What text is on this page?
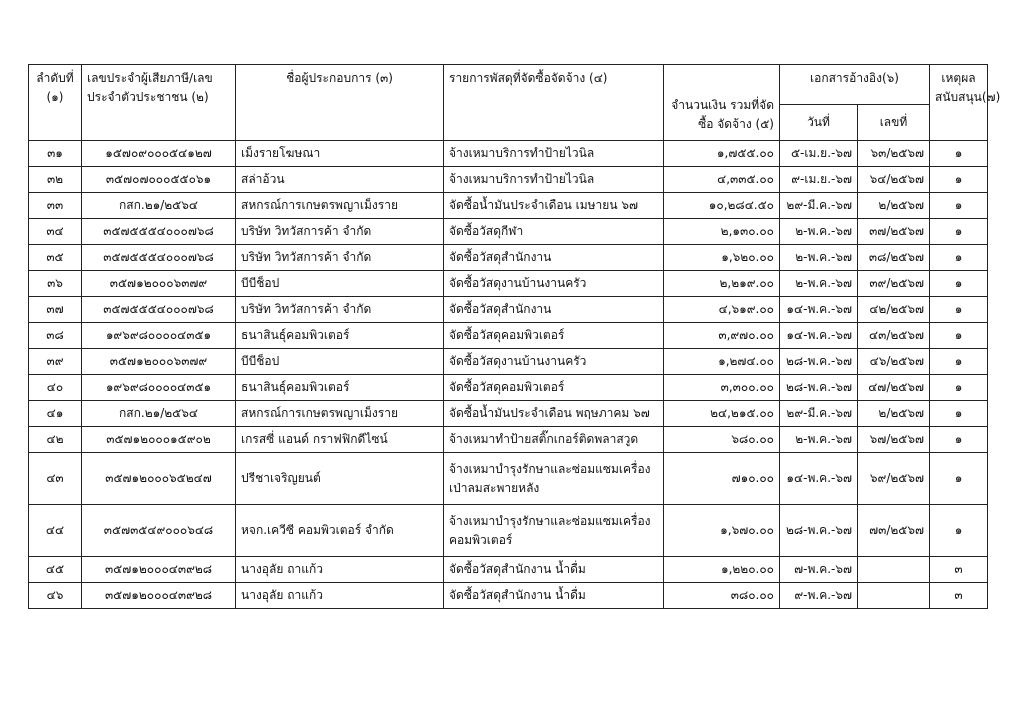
ลำดับที่ (๑)	เลขประจำผู้เสียภาษี/เลขประจำตัวประชาชน (๒)	ชื่อผู้ประกอบการ (๓)	รายการพัสดุที่จัดซื้อจัดจ้าง (๔)	จำนวนเงิน รวมที่จัดซื้อ จัดจ้าง (๕)	เอกสารอ้างอิง(๖)		เหตุผล สนับสนุน(๗)
					วันที่	เลขที่	
๓๑	๑๕๗๐๙๐๐๐๕๔๑๒๗	เม็งรายโฆษณา	จ้างเหมาบริการทำป้ายไวนิล	๑,๗๕๕.๐๐	๕-เม.ย.-๖๗	๖๓/๒๕๖๗	๑
๓๒	๓๕๗๐๗๐๐๐๕๕๐๖๑	สล่าอ้วน	จ้างเหมาบริการทำป้ายไวนิล	๔,๓๓๕.๐๐	๙-เม.ย.-๖๗	๖๔/๒๕๖๗	๑
๓๓	กสก.๒๑/๒๕๖๔	สหกรณ์การเกษตรพญาเม็งราย	จัดซื้อน้ำมันประจำเดือน เมษายน ๖๗	๑๐,๒๘๔.๕๐	๒๙-มี.ค.-๖๗	๒/๒๕๖๗	๑
๓๔	๓๕๗๕๕๕๔๐๐๐๗๖๘	บริษัท วิทวัสการค้า จำกัด	จัดซื้อวัสดุกีฬา	๒,๑๓๐.๐๐	๒-พ.ค.-๖๗	๓๗/๒๕๖๗	๑
๓๕	๓๕๗๕๕๕๔๐๐๐๗๖๘	บริษัท วิทวัสการค้า จำกัด	จัดซื้อวัสดุสำนักงาน	๑,๖๒๐.๐๐	๒-พ.ค.-๖๗	๓๘/๒๕๖๗	๑
๓๖	๓๕๗๑๒๐๐๐๖๓๗๙	บีบีช็อป	จัดซื้อวัสดุงานบ้านงานครัว	๒,๒๑๙.๐๐	๒-พ.ค.-๖๗	๓๙/๒๕๖๗	๑
๓๗	๓๕๗๕๕๕๔๐๐๐๗๖๘	บริษัท วิทวัสการค้า จำกัด	จัดซื้อวัสดุสำนักงาน	๔,๖๑๙.๐๐	๑๔-พ.ค.-๖๗	๔๒/๒๕๖๗	๑
๓๘	๑๙๖๙๘๐๐๐๐๔๓๕๑	ธนาสินธุ์คอมพิวเตอร์	จัดซื้อวัสดุคอมพิวเตอร์	๓,๙๗๐.๐๐	๑๔-พ.ค.-๖๗	๔๓/๒๕๖๗	๑
๓๙	๓๕๗๑๒๐๐๐๖๓๗๙	บีบีช็อป	จัดซื้อวัสดุงานบ้านงานครัว	๑,๒๗๔.๐๐	๒๘-พ.ค.-๖๗	๔๖/๒๕๖๗	๑
๔๐	๑๙๖๙๘๐๐๐๐๔๓๕๑	ธนาสินธุ์คอมพิวเตอร์	จัดซื้อวัสดุคอมพิวเตอร์	๓,๓๐๐.๐๐	๒๘-พ.ค.-๖๗	๔๗/๒๕๖๗	๑
๔๑	กสก.๒๑/๒๕๖๔	สหกรณ์การเกษตรพญาเม็งราย	จัดซื้อน้ำมันประจำเดือน พฤษภาคม ๖๗	๒๔,๒๑๕.๐๐	๒๙-มี.ค.-๖๗	๒/๒๕๖๗	๑
๔๒	๓๕๗๑๒๐๐๐๑๕๙๐๒	เกรสซี่ แอนด์ กราฟฟิกดีไซน์	จ้างเหมาทำป้ายสติ๊กเกอร์ติดพลาสวูด	๖๘๐.๐๐	๒-พ.ค.-๖๗	๖๗/๒๕๖๗	๑
๔๓	๓๕๗๑๒๐๐๐๖๕๒๔๗	ปรีชาเจริญยนต์	จ้างเหมาบำรุงรักษาและซ่อมแซมเครื่องเป่าลมสะพายหลัง	๗๑๐.๐๐	๑๔-พ.ค.-๖๗	๖๙/๒๕๖๗	๑
๔๔	๓๕๗๓๕๔๙๐๐๐๖๔๘	หจก.เควีซี คอมพิวเตอร์ จำกัด	จ้างเหมาบำรุงรักษาและซ่อมแซมเครื่องคอมพิวเตอร์	๑,๖๗๐.๐๐	๒๘-พ.ค.-๖๗	๗๓/๒๕๖๗	๑
๔๕	๓๕๗๑๒๐๐๐๔๓๙๒๘	นางอุลัย ถาแก้ว	จัดซื้อวัสดุสำนักงาน น้ำดื่ม	๑,๒๒๐.๐๐	๗-พ.ค.-๖๗		๓
๔๖	๓๕๗๑๒๐๐๐๔๓๙๒๘	นางอุลัย ถาแก้ว	จัดซื้อวัสดุสำนักงาน น้ำดื่ม	๓๘๐.๐๐	๙-พ.ค.-๖๗		๓
